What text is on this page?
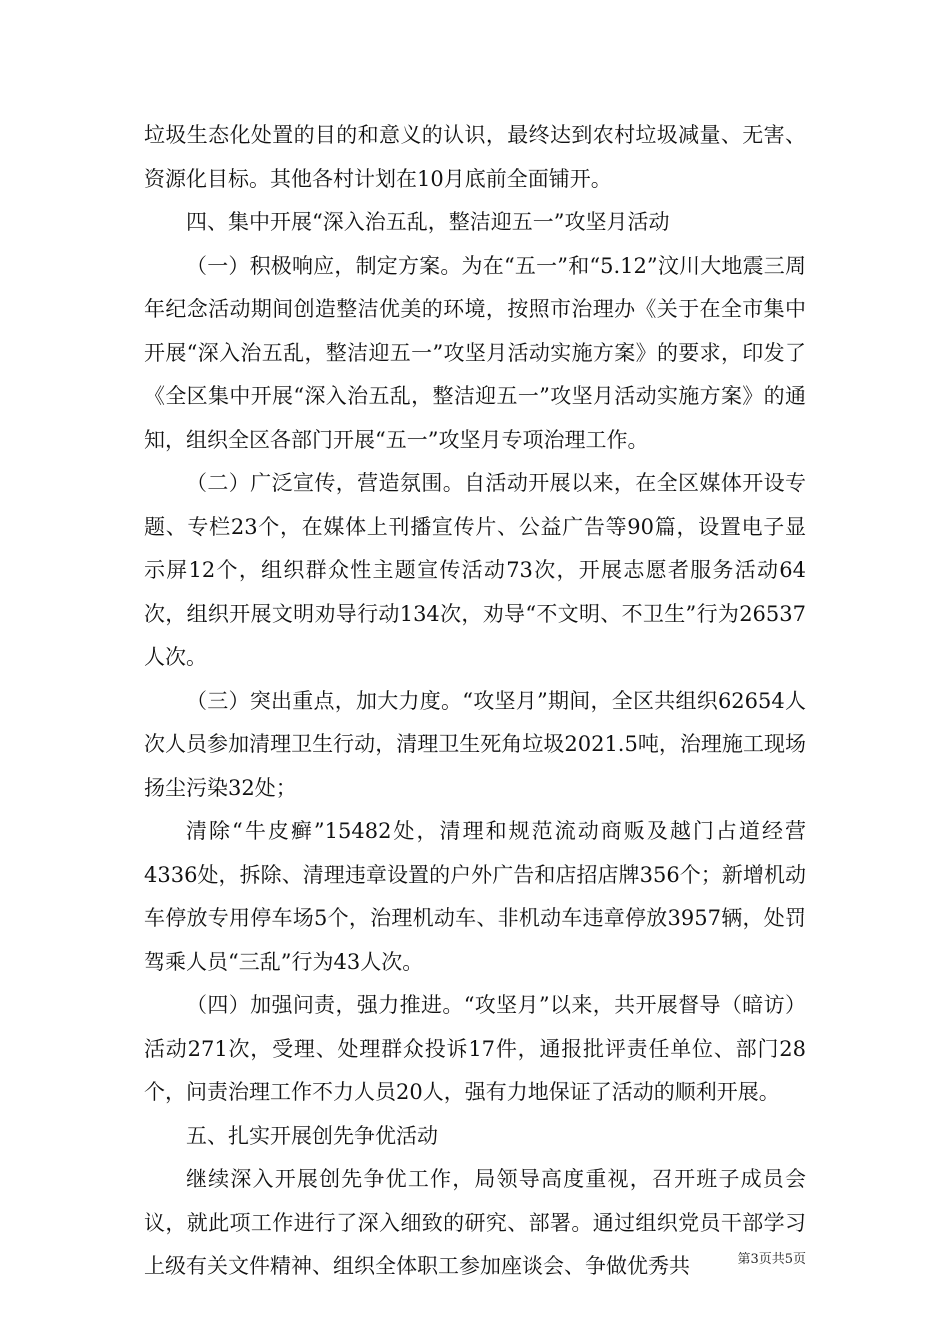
垃圾生态化处置的目的和意义的认识，最终达到农村垃圾减量、无害、资源化目标。其他各村计划在10月底前全面铺开。

四、集中开展“深入治五乱，整洁迎五一”攻坚月活动

（一）积极响应，制定方案。为在“五一”和“5.12”汶川大地震三周年纪念活动期间创造整洁优美的环境，按照市治理办《关于在全市集中开展“深入治五乱，整洁迎五一”攻坚月活动实施方案》的要求，印发了《全区集中开展“深入治五乱，整洁迎五一”攻坚月活动实施方案》的通知，组织全区各部门开展“五一”攻坚月专项治理工作。

（二）广泛宣传，营造氛围。自活动开展以来，在全区媒体开设专题、专栏23个，在媒体上刊播宣传片、公益广告等90篇，设置电子显示屏12个，组织群众性主题宣传活动73次，开展志愿者服务活动64次，组织开展文明劝导行动134次，劝导“不文明、不卫生”行为26537人次。

（三）突出重点，加大力度。“攻坚月”期间，全区共组织62654人次人员参加清理卫生行动，清理卫生死角垃圾2021.5吨，治理施工现场扬尘污染32处；

清除“牛皮癣”15482处，清理和规范流动商贩及越门占道经营4336处，拆除、清理违章设置的户外广告和店招店牌356个；新增机动车停放专用停车场5个，治理机动车、非机动车违章停放3957辆，处罚驾乘人员“三乱”行为43人次。

（四）加强问责，强力推进。“攻坚月”以来，共开展督导（暗访）活动271次，受理、处理群众投诉17件，通报批评责任单位、部门28个，问责治理工作不力人员20人，强有力地保证了活动的顺利开展。

五、扎实开展创先争优活动

继续深入开展创先争优工作，局领导高度重视，召开班子成员会议，就此项工作进行了深入细致的研究、部署。通过组织党员干部学习上级有关文件精神、组织全体职工参加座谈会、争做优秀共	第3页共5页
